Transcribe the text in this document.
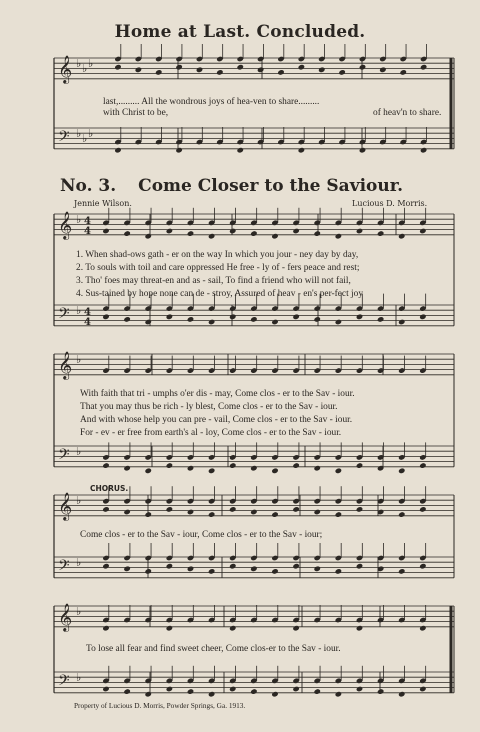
𝄞 ♭ ♭ ♭
𝄢 ♭ ♭ ♭
𝄞 ♭ 4
4
𝄢 ♭ 4
4
𝄞 ♭
𝄢 ♭
𝄞 ♭
𝄢 ♭
𝄞 ♭
𝄢 ♭
Home at Last. Concluded.
last,......... All the wondrous joys of hea-ven to share.........
with Christ to be,	of heav'n to share.
No. 3. Come Closer to the Saviour.
Jennie Wilson.	Lucious D. Morris.
1. When shad-ows gath - er on the way In which you jour - ney day by day,
2. To souls with toil and care oppressed He free - ly of - fers peace and rest;
3. Tho' foes may threat-en and as - sail, To find a friend who will not fail,
4. Sus-tained by hope none can de - stroy, Assured of heav - en's per-fect joy
With faith that tri - umphs o'er dis - may, Come clos - er to the Sav - iour.
That you may thus be rich - ly blest, Come clos - er to the Sav - iour.
And with whose help you can pre - vail, Come clos - er to the Sav - iour.
For - ev - er free from earth's al - loy, Come clos - er to the Sav - iour.
CHORUS.
Come clos - er to the Sav - iour, Come clos - er to the Sav - iour;
To lose all fear and find sweet cheer, Come clos-er to the Sav - iour.
Property of Lucious D. Morris, Powder Springs, Ga. 1913.
